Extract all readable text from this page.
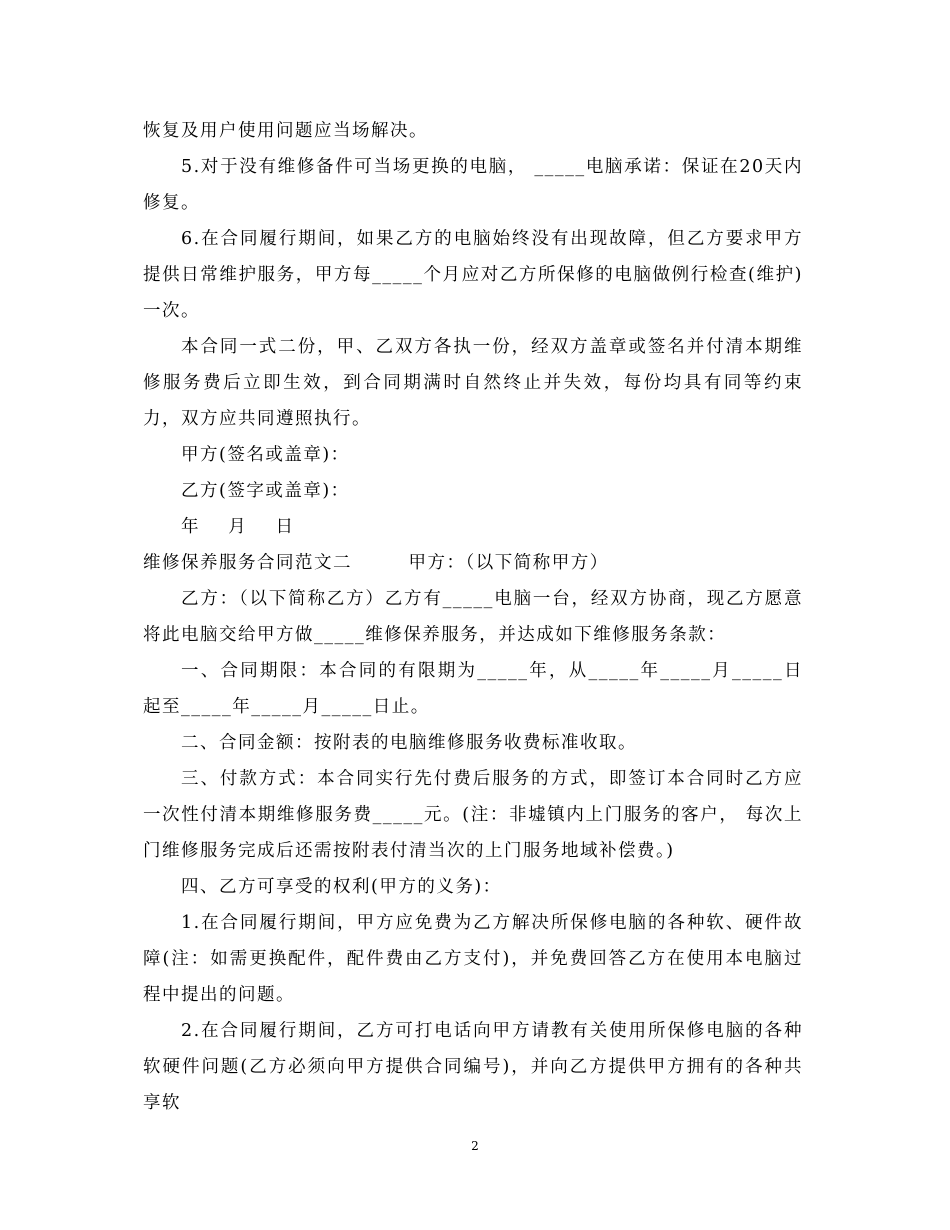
恢复及用户使用问题应当场解决。

5.对于没有维修备件可当场更换的电脑， _____电脑承诺：保证在20天内修复。

6.在合同履行期间，如果乙方的电脑始终没有出现故障，但乙方要求甲方提供日常维护服务，甲方每_____个月应对乙方所保修的电脑做例行检查(维护)一次。

本合同一式二份，甲、乙双方各执一份，经双方盖章或签名并付清本期维修服务费后立即生效，到合同期满时自然终止并失效，每份均具有同等约束力，双方应共同遵照执行。

甲方(签名或盖章)：

乙方(签字或盖章)：

年    月    日

维修保养服务合同范文二        甲方：（以下简称甲方）

乙方：（以下简称乙方）乙方有_____电脑一台，经双方协商，现乙方愿意将此电脑交给甲方做_____维修保养服务，并达成如下维修服务条款：

一、合同期限：本合同的有限期为_____年，从_____年_____月_____日起至_____年_____月_____日止。

二、合同金额：按附表的电脑维修服务收费标准收取。

三、付款方式：本合同实行先付费后服务的方式，即签订本合同时乙方应一次性付清本期维修服务费_____元。(注：非墟镇内上门服务的客户， 每次上门维修服务完成后还需按附表付清当次的上门服务地域补偿费。)

四、乙方可享受的权利(甲方的义务)：

1.在合同履行期间，甲方应免费为乙方解决所保修电脑的各种软、硬件故障(注：如需更换配件，配件费由乙方支付)，并免费回答乙方在使用本电脑过程中提出的问题。

2.在合同履行期间，乙方可打电话向甲方请教有关使用所保修电脑的各种软硬件问题(乙方必须向甲方提供合同编号)，并向乙方提供甲方拥有的各种共享软

2
